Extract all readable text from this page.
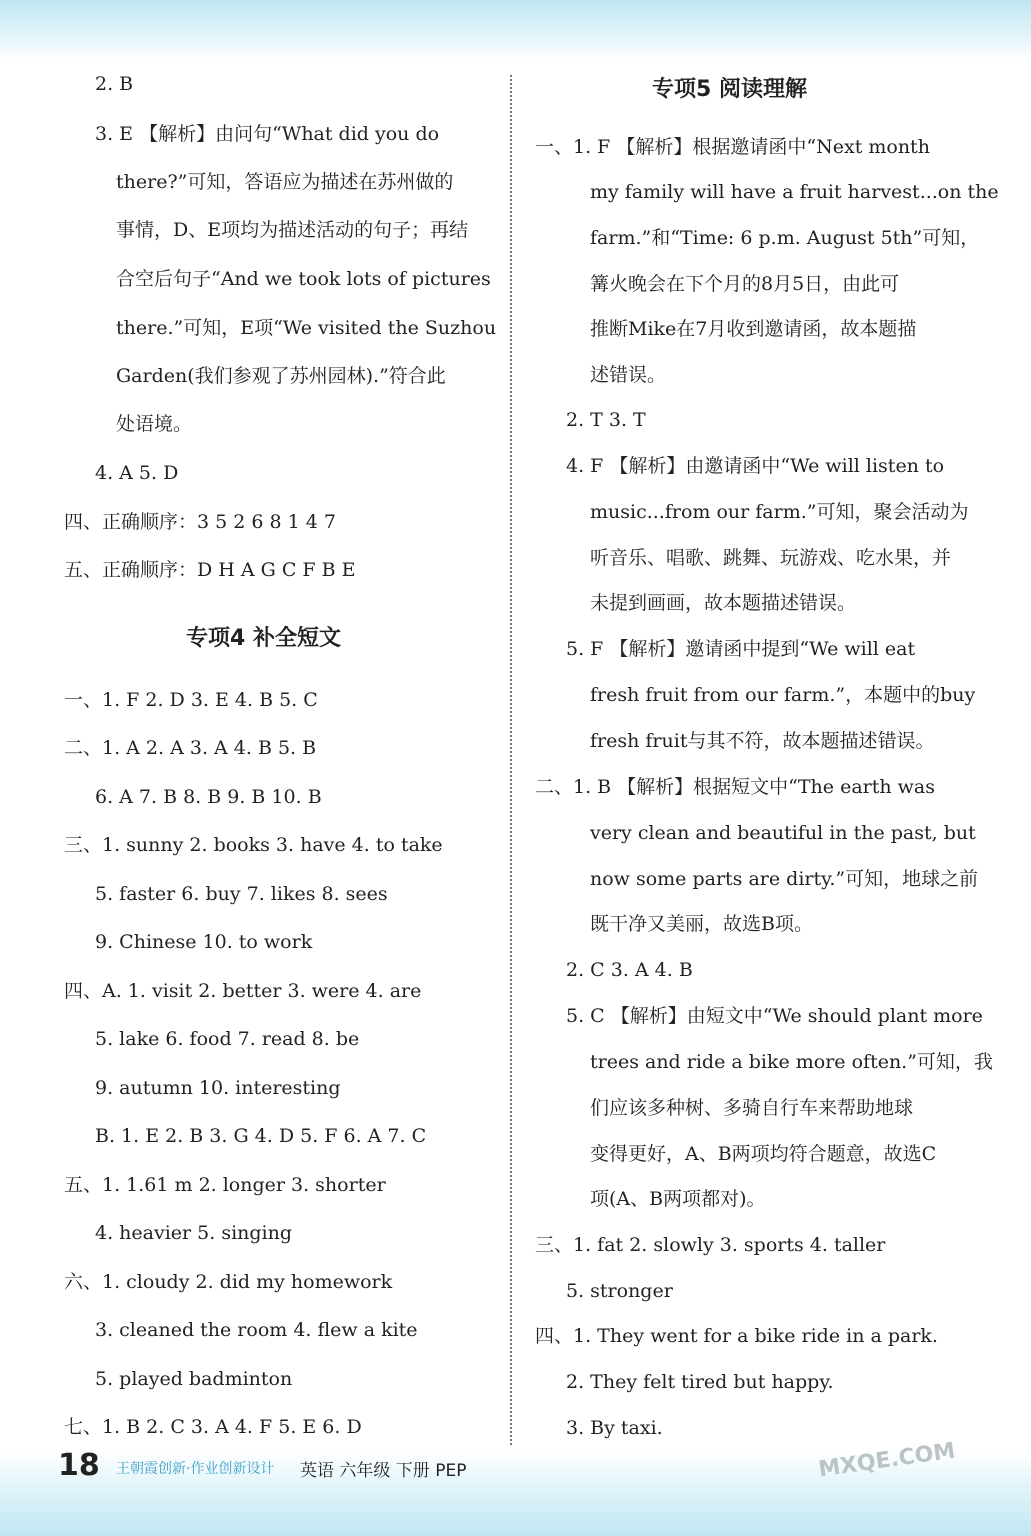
2. B
3. E 【解析】由问句“What did you do
there?”可知，答语应为描述在苏州做的
事情，D、E项均为描述活动的句子；再结
合空后句子“And we took lots of pictures
there.”可知，E项“We visited the Suzhou
Garden(我们参观了苏州园林).”符合此
处语境。
4. A 5. D
四、正确顺序：3 5 2 6 8 1 4 7
五、正确顺序：D H A G C F B E
专项4 补全短文
一、1. F 2. D 3. E 4. B 5. C
二、1. A 2. A 3. A 4. B 5. B
6. A 7. B 8. B 9. B 10. B
三、1. sunny 2. books 3. have 4. to take
5. faster 6. buy 7. likes 8. sees
9. Chinese 10. to work
四、A. 1. visit 2. better 3. were 4. are
5. lake 6. food 7. read 8. be
9. autumn 10. interesting
B. 1. E 2. B 3. G 4. D 5. F 6. A 7. C
五、1. 1.61 m 2. longer 3. shorter
4. heavier 5. singing
六、1. cloudy 2. did my homework
3. cleaned the room 4. flew a kite
5. played badminton
七、1. B 2. C 3. A 4. F 5. E 6. D
专项5 阅读理解
一、1. F 【解析】根据邀请函中“Next month
my family will have a fruit harvest...on the
farm.”和“Time: 6 p.m. August 5th”可知，
篝火晚会在下个月的8月5日，由此可
推断Mike在7月收到邀请函，故本题描
述错误。
2. T 3. T
4. F 【解析】由邀请函中“We will listen to
music...from our farm.”可知，聚会活动为
听音乐、唱歌、跳舞、玩游戏、吃水果，并
未提到画画，故本题描述错误。
5. F 【解析】邀请函中提到“We will eat
fresh fruit from our farm.”，本题中的buy
fresh fruit与其不符，故本题描述错误。
二、1. B 【解析】根据短文中“The earth was
very clean and beautiful in the past, but
now some parts are dirty.”可知，地球之前
既干净又美丽，故选B项。
2. C 3. A 4. B
5. C 【解析】由短文中“We should plant more
trees and ride a bike more often.”可知，我
们应该多种树、多骑自行车来帮助地球
变得更好，A、B两项均符合题意，故选C
项(A、B两项都对)。
三、1. fat 2. slowly 3. sports 4. taller
5. stronger
四、1. They went for a bike ride in a park.
2. They felt tired but happy.
3. By taxi.
18 王朝霞创新·作业创新设计 英语 六年级 下册 PEP	MXQE.COM
